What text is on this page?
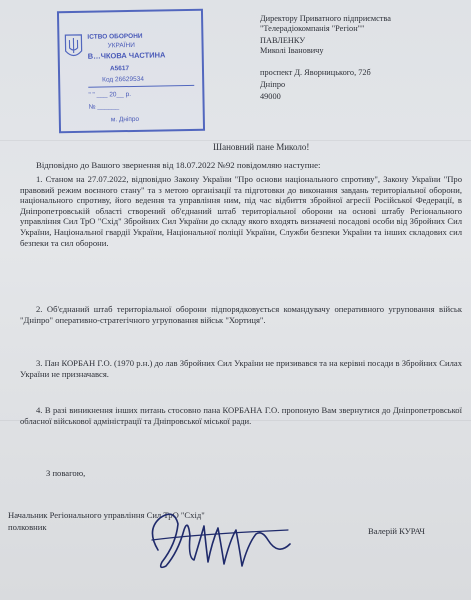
ІСТВО ОБОРОНИ
УКРАЇНИ
В…ЧКОВА ЧАСТИНА
А5617
Код 26629534
" " ___ 20__ р.
№ ______
м. Дніпро
Директору Приватного підприємства
"Телерадіокомпанія "Регіон""
ПАВЛЕНКУ
Миколі Івановичу
проспект Д. Яворницького, 72б
Дніпро
49000
Шановний пане Миколо!
Відповідно до Вашого звернення від 18.07.2022 №92 повідомляю наступне:
1. Станом на 27.07.2022, відповідно Закону України "Про основи національного спротиву", Закону України "Про правовий режим воєнного стану" та з метою організації та підготовки до виконання завдань територіальної оборони, національного спротиву, його ведення та управління ним, під час відбиття збройної агресії Російської Федерації, в Дніпропетровській області створений об'єднаний штаб територіальної оборони на основі штабу Регіонального управління Сил ТрО "Схід" Збройних Сил України до складу якого входять визначені посадові особи від Збройних Сил України, Національної гвардії України, Національної поліції України, Служби безпеки України та інших складових сил безпеки та сил оборони.
2. Об'єднаний штаб територіальної оборони підпорядковується командувачу оперативного угруповання військ "Дніпро" оперативно-стратегічного угруповання військ "Хортиця".
3. Пан КОРБАН Г.О. (1970 р.н.) до лав Збройних Сил України не призивався та на керівні посади в Збройних Силах України не призначався.
4. В разі виникнення інших питань стосовно пана КОРБАНА Г.О. пропоную Вам звернутися до Дніпропетровської обласної військової адміністрації та Дніпровської міської ради.
З повагою,
Начальник Регіонального управління Сил ТрО "Схід"
полковник	Валерій КУРАЧ
